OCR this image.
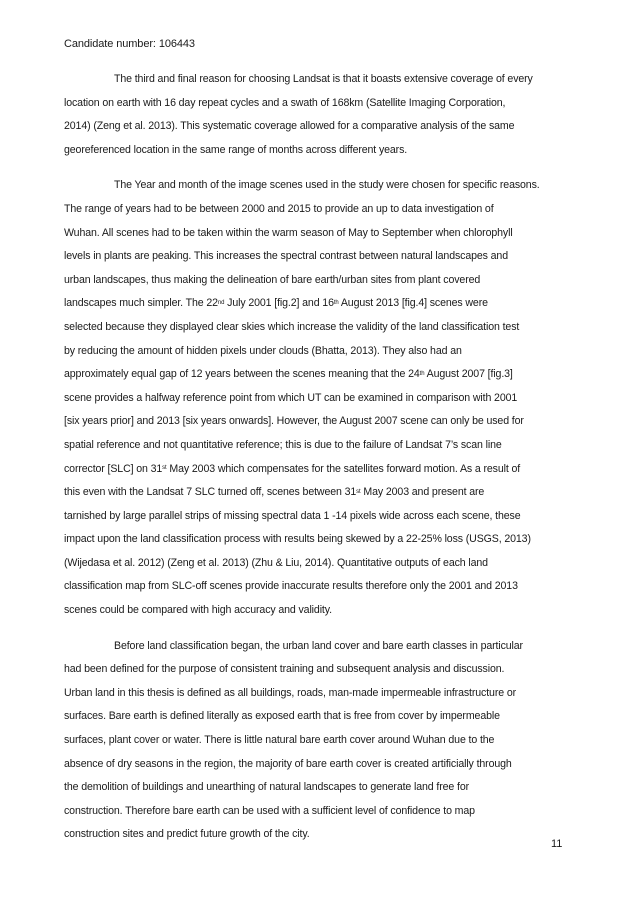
Candidate number: 106443
The third and final reason for choosing Landsat is that it boasts extensive coverage of every
location on earth with 16 day repeat cycles and a swath of 168km (Satellite Imaging Corporation,
2014) (Zeng et al. 2013). This systematic coverage allowed for a comparative analysis of the same
georeferenced location in the same range of months across different years.
The Year and month of the image scenes used in the study were chosen for specific reasons.
The range of years had to be between 2000 and 2015 to provide an up to data investigation of
Wuhan. All scenes had to be taken within the warm season of May to September when chlorophyll
levels in plants are peaking. This increases the spectral contrast between natural landscapes and
urban landscapes, thus making the delineation of bare earth/urban sites from plant covered
landscapes much simpler. The 22nd July 2001 [fig.2] and 16th August 2013 [fig.4] scenes were
selected because they displayed clear skies which increase the validity of the land classification test
by reducing the amount of hidden pixels under clouds (Bhatta, 2013). They also had an
approximately equal gap of 12 years between the scenes meaning that the 24th August 2007 [fig.3]
scene provides a halfway reference point from which UT can be examined in comparison with 2001
[six years prior] and 2013 [six years onwards]. However, the August 2007 scene can only be used for
spatial reference and not quantitative reference; this is due to the failure of Landsat 7’s scan line
corrector [SLC] on 31st May 2003 which compensates for the satellites forward motion. As a result of
this even with the Landsat 7 SLC turned off, scenes between 31st May 2003 and present are
tarnished by large parallel strips of missing spectral data 1 -14 pixels wide across each scene, these
impact upon the land classification process with results being skewed by a 22-25% loss (USGS, 2013)
(Wijedasa et al. 2012) (Zeng et al. 2013) (Zhu & Liu, 2014). Quantitative outputs of each land
classification map from SLC-off scenes provide inaccurate results therefore only the 2001 and 2013
scenes could be compared with high accuracy and validity.
Before land classification began, the urban land cover and bare earth classes in particular
had been defined for the purpose of consistent training and subsequent analysis and discussion.
Urban land in this thesis is defined as all buildings, roads, man-made impermeable infrastructure or
surfaces. Bare earth is defined literally as exposed earth that is free from cover by impermeable
surfaces, plant cover or water. There is little natural bare earth cover around Wuhan due to the
absence of dry seasons in the region, the majority of bare earth cover is created artificially through
the demolition of buildings and unearthing of natural landscapes to generate land free for
construction. Therefore bare earth can be used with a sufficient level of confidence to map
construction sites and predict future growth of the city.
11
